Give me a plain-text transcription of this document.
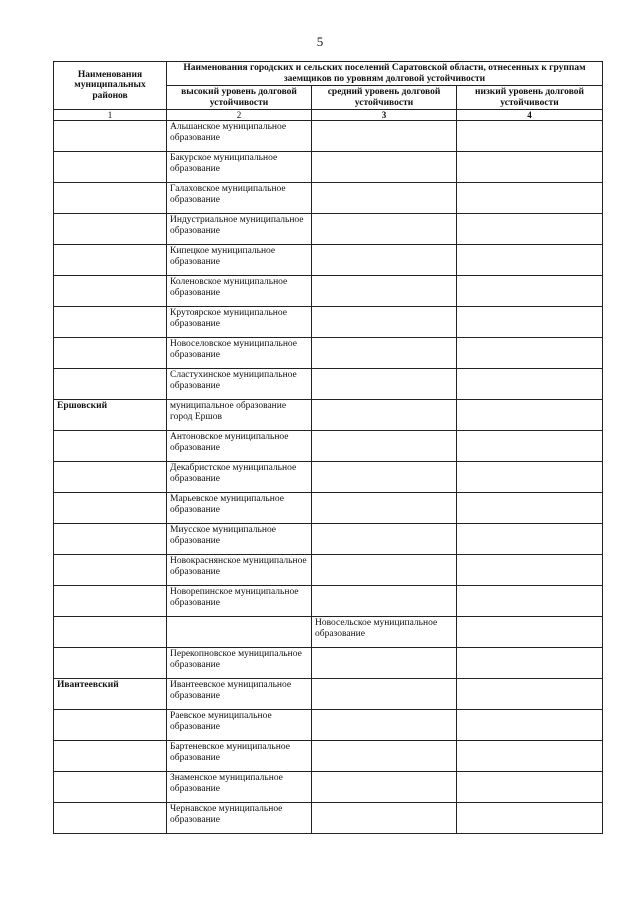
5
Наименования муниципальных районов	Наименования городских и сельских поселений Саратовской области, отнесенных к группам заемщиков по уровням долговой устойчивости		
	высокий уровень долговой устойчивости	средний уровень долговой устойчивости	низкий уровень долговой устойчивости
1	2	3	4
	Альшанское муниципальное образование		
	Бакурское муниципальное образование		
	Галаховское муниципальное образование		
	Индустриальное муниципальное образование		
	Кипецкое муниципальное образование		
	Коленовское муниципальное образование		
	Крутоярское муниципальное образование		
	Новоселовское муниципальное образование		
	Сластухинское муниципальное образование		
Ершовский	муниципальное образование город Ершов		
	Антоновское муниципальное образование		
	Декабристское муниципальное образование		
	Марьевское муниципальное образование		
	Миусское муниципальное образование		
	Новокраснянское муниципальное образование		
	Новорепинское муниципальное образование		
		Новосельское муниципальное образование	
	Перекопновское муниципальное образование		
Ивантеевский	Ивантеевское муниципальное образование		
	Раевское муниципальное образование		
	Бартеневское муниципальное образование		
	Знаменское муниципальное образование		
	Чернавское муниципальное образование		
